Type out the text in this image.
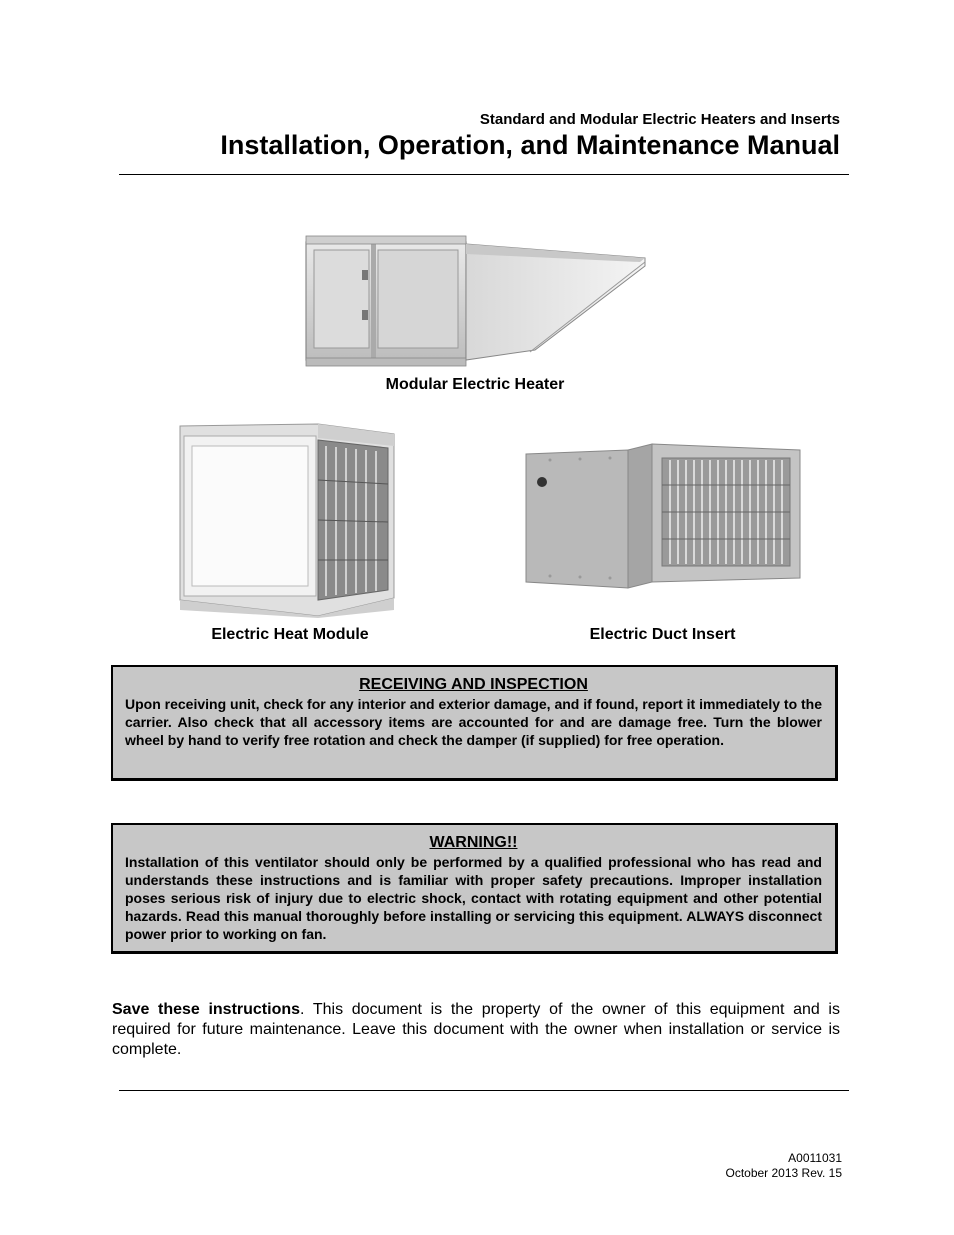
Standard and Modular Electric Heaters and Inserts
Installation, Operation, and Maintenance Manual
Modular Electric Heater
Electric Heat Module	Electric Duct Insert
RECEIVING AND INSPECTION
Upon receiving unit, check for any interior and exterior damage, and if found, report it immediately to the carrier. Also check that all accessory items are accounted for and are damage free. Turn the blower wheel by hand to verify free rotation and check the damper (if supplied) for free operation.
WARNING!!
Installation of this ventilator should only be performed by a qualified professional who has read and understands these instructions and is familiar with proper safety precautions. Improper installation poses serious risk of injury due to electric shock, contact with rotating equipment and other potential hazards. Read this manual thoroughly before installing or servicing this equipment. ALWAYS disconnect power prior to working on fan.
Save these instructions. This document is the property of the owner of this equipment and is required for future maintenance. Leave this document with the owner when installation or service is complete.
A0011031
October 2013 Rev. 15
